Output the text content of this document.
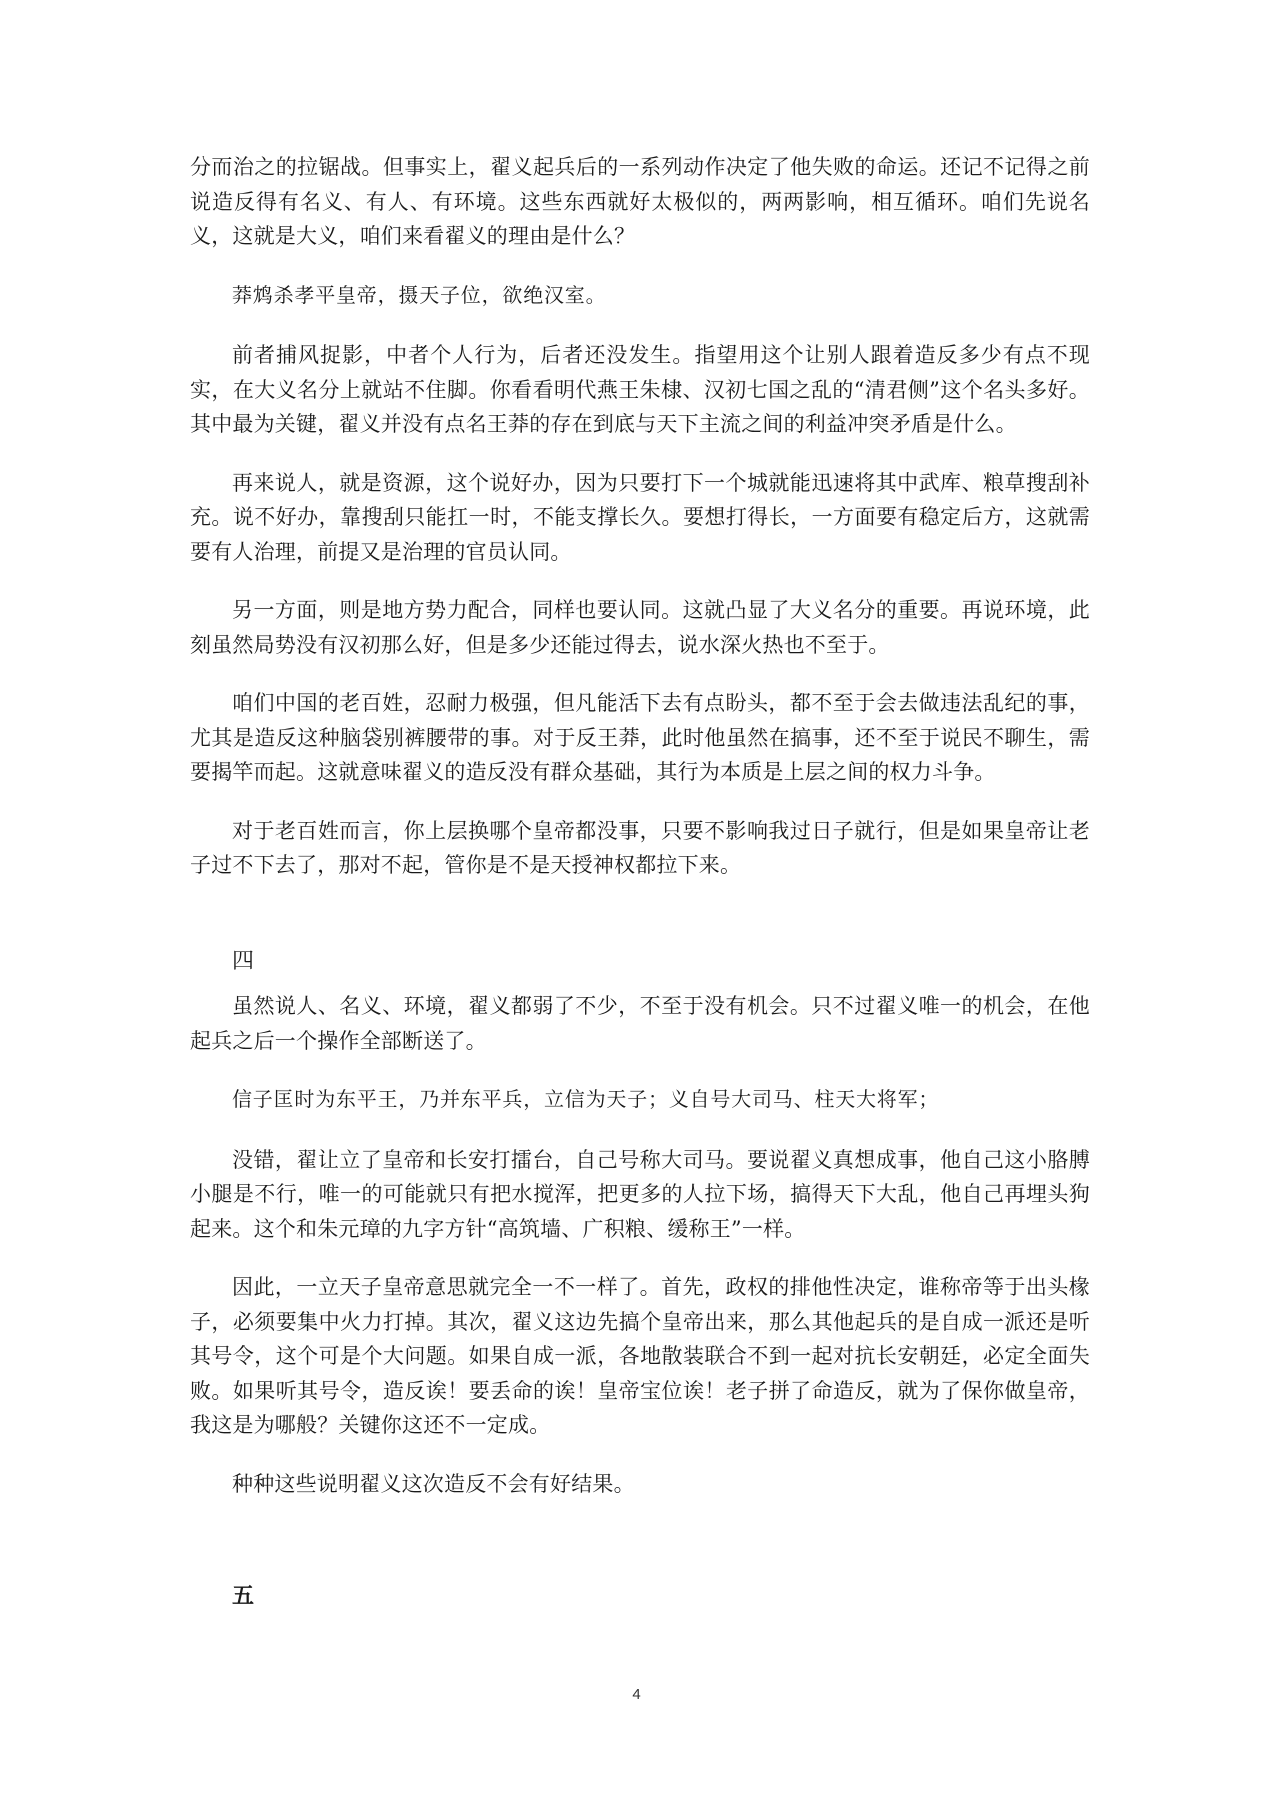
分而治之的拉锯战。但事实上，翟义起兵后的一系列动作决定了他失败的命运。还记不记得之前说造反得有名义、有人、有环境。这些东西就好太极似的，两两影响，相互循环。咱们先说名义，这就是大义，咱们来看翟义的理由是什么？

莽鸩杀孝平皇帝，摄天子位，欲绝汉室。

前者捕风捉影，中者个人行为，后者还没发生。指望用这个让别人跟着造反多少有点不现实，在大义名分上就站不住脚。你看看明代燕王朱棣、汉初七国之乱的“清君侧”这个名头多好。其中最为关键，翟义并没有点名王莽的存在到底与天下主流之间的利益冲突矛盾是什么。

再来说人，就是资源，这个说好办，因为只要打下一个城就能迅速将其中武库、粮草搜刮补充。说不好办，靠搜刮只能扛一时，不能支撑长久。要想打得长，一方面要有稳定后方，这就需要有人治理，前提又是治理的官员认同。

另一方面，则是地方势力配合，同样也要认同。这就凸显了大义名分的重要。再说环境，此刻虽然局势没有汉初那么好，但是多少还能过得去，说水深火热也不至于。

咱们中国的老百姓，忍耐力极强，但凡能活下去有点盼头，都不至于会去做违法乱纪的事，尤其是造反这种脑袋别裤腰带的事。对于反王莽，此时他虽然在搞事，还不至于说民不聊生，需要揭竿而起。这就意味翟义的造反没有群众基础，其行为本质是上层之间的权力斗争。

对于老百姓而言，你上层换哪个皇帝都没事，只要不影响我过日子就行，但是如果皇帝让老子过不下去了，那对不起，管你是不是天授神权都拉下来。

四

虽然说人、名义、环境，翟义都弱了不少，不至于没有机会。只不过翟义唯一的机会，在他起兵之后一个操作全部断送了。

信子匡时为东平王，乃并东平兵，立信为天子；义自号大司马、柱天大将军；

没错，翟让立了皇帝和长安打擂台，自己号称大司马。要说翟义真想成事，他自己这小胳膊小腿是不行，唯一的可能就只有把水搅浑，把更多的人拉下场，搞得天下大乱，他自己再埋头狗起来。这个和朱元璋的九字方针“高筑墙、广积粮、缓称王”一样。

因此，一立天子皇帝意思就完全一不一样了。首先，政权的排他性决定，谁称帝等于出头椽子，必须要集中火力打掉。其次，翟义这边先搞个皇帝出来，那么其他起兵的是自成一派还是听其号令，这个可是个大问题。如果自成一派，各地散装联合不到一起对抗长安朝廷，必定全面失败。如果听其号令，造反诶！要丢命的诶！皇帝宝位诶！老子拼了命造反，就为了保你做皇帝，我这是为哪般？关键你这还不一定成。

种种这些说明翟义这次造反不会有好结果。

五
4
